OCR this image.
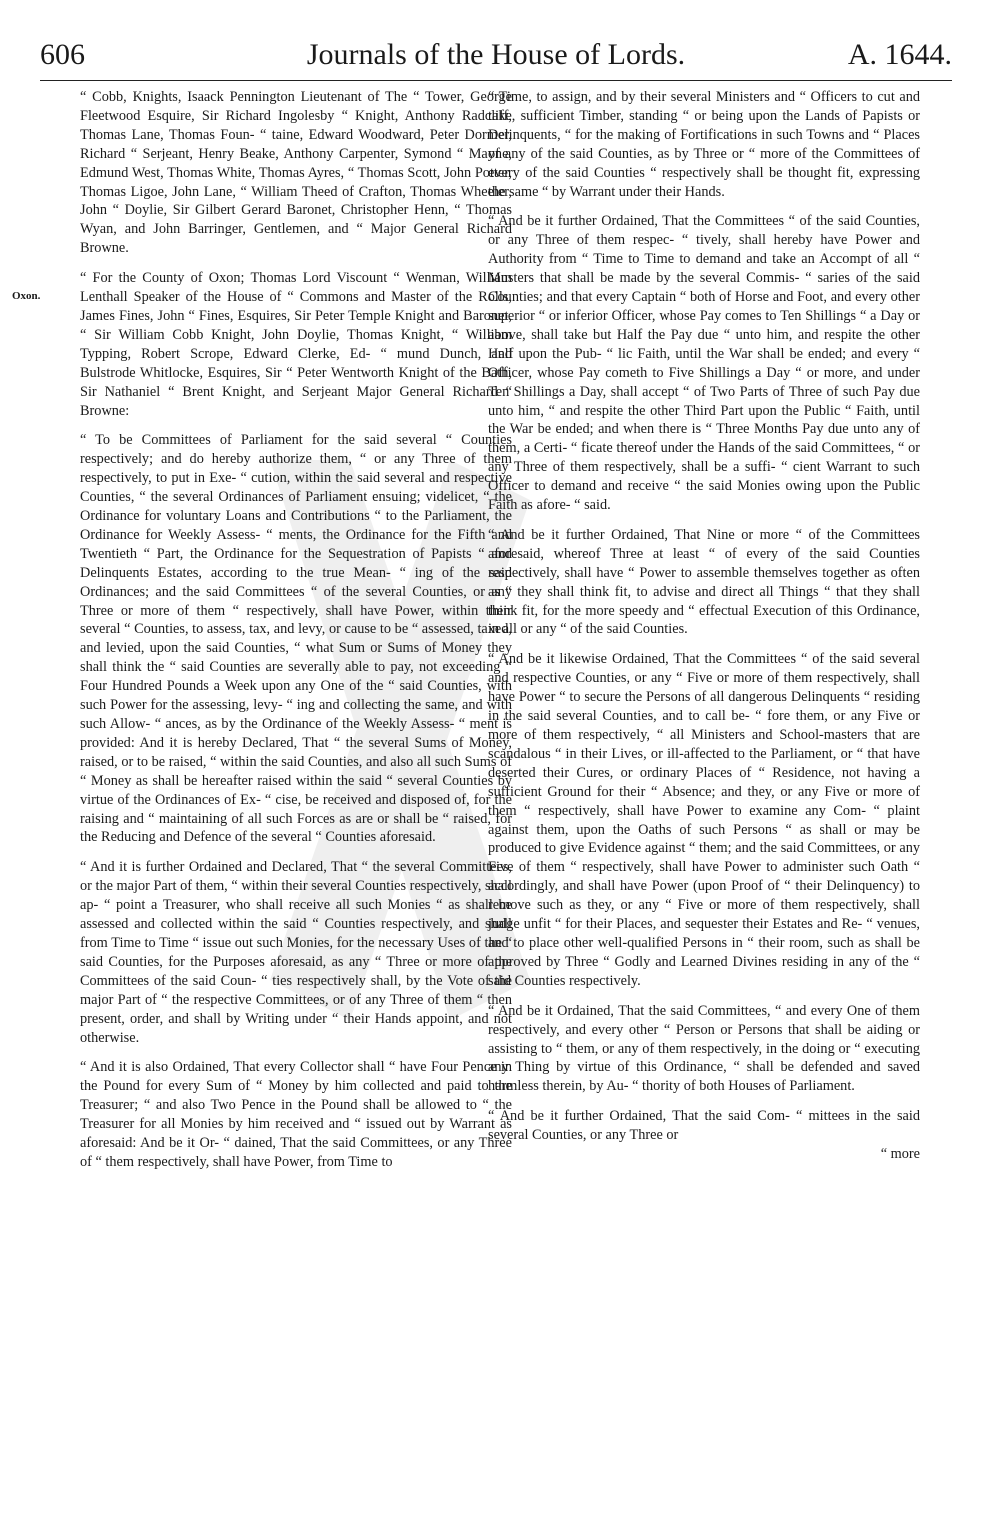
606	Journals of the House of Lords.	A. 1644.
Oxon.

“ Cobb, Knights, Isaack Pennington Lieutenant of The “ Tower, George Fleetwood Esquire, Sir Richard Ingolesby “ Knight, Anthony Radcliff, Thomas Lane, Thomas Foun- “ taine, Edward Woodward, Peter Dormer, Richard “ Serjeant, Henry Beake, Anthony Carpenter, Symond “ Mayne, Edmund West, Thomas White, Thomas Ayres, “ Thomas Scott, John Potter, Thomas Ligoe, John Lane, “ William Theed of Crafton, Thomas Wheeler, John “ Doylie, Sir Gilbert Gerard Baronet, Christopher Henn, “ Thomas Wyan, and John Barringer, Gentlemen, and “ Major General Richard Browne.

“ For the County of Oxon; Thomas Lord Viscount “ Wenman, William Lenthall Speaker of the House of “ Commons and Master of the Rolls, James Fines, John “ Fines, Esquires, Sir Peter Temple Knight and Baronet, “ Sir William Cobb Knight, John Doylie, Thomas Knight, “ William Typping, Robert Scrope, Edward Clerke, Ed- “ mund Dunch, and Bulstrode Whitlocke, Esquires, Sir “ Peter Wentworth Knight of the Bath, Sir Nathaniel “ Brent Knight, and Serjeant Major General Richard “ Browne:

“ To be Committees of Parliament for the said several “ Counties respectively; and do hereby authorize them, “ or any Three of them respectively, to put in Exe- “ cution, within the said several and respective Counties, “ the several Ordinances of Parliament ensuing; videlicet, “ the Ordinance for voluntary Loans and Contributions “ to the Parliament, the Ordinance for Weekly Assess- “ ments, the Ordinance for the Fifth and Twentieth “ Part, the Ordinance for the Sequestration of Papists “ and Delinquents Estates, according to the true Mean- “ ing of the said Ordinances; and the said Committees “ of the several Counties, or any Three or more of them “ respectively, shall have Power, within their several “ Counties, to assess, tax, and levy, or cause to be “ assessed, taxed, and levied, upon the said Counties, “ what Sum or Sums of Money they shall think the “ said Counties are severally able to pay, not exceeding “ Four Hundred Pounds a Week upon any One of the “ said Counties, with such Power for the assessing, levy- “ ing and collecting the same, and with such Allow- “ ances, as by the Ordinance of the Weekly Assess- “ ment is provided: And it is hereby Declared, That “ the several Sums of Money, raised, or to be raised, “ within the said Counties, and also all such Sums of “ Money as shall be hereafter raised within the said “ several Counties by virtue of the Ordinances of Ex- “ cise, be received and disposed of, for the raising and “ maintaining of all such Forces as are or shall be “ raised, for the Reducing and Defence of the several “ Counties aforesaid.

“ And it is further Ordained and Declared, That “ the several Committees, or the major Part of them, “ within their several Counties respectively, shall ap- “ point a Treasurer, who shall receive all such Monies “ as shall be assessed and collected within the said “ Counties respectively, and shall from Time to Time “ issue out such Monies, for the necessary Uses of the “ said Counties, for the Purposes aforesaid, as any “ Three or more of the Committees of the said Coun- “ ties respectively shall, by the Vote of the major Part of “ the respective Committees, or of any Three of them “ then present, order, and shall by Writing under “ their Hands appoint, and not otherwise.

“ And it is also Ordained, That every Collector shall “ have Four Pence in the Pound for every Sum of “ Money by him collected and paid to the Treasurer; “ and also Two Pence in the Pound shall be allowed to “ the Treasurer for all Monies by him received and “ issued out by Warrant as aforesaid: And be it Or- “ dained, That the said Committees, or any Three of “ them respectively, shall have Power, from Time to

“ Time, to assign, and by their several Ministers and “ Officers to cut and take, sufficient Timber, standing “ or being upon the Lands of Papists or Delinquents, “ for the making of Fortifications in such Towns and “ Places of any of the said Counties, as by Three or “ more of the Committees of every of the said Counties “ respectively shall be thought fit, expressing the same “ by Warrant under their Hands.

“ And be it further Ordained, That the Committees “ of the said Counties, or any Three of them respec- “ tively, shall hereby have Power and Authority from “ Time to Time to demand and take an Accompt of all “ Musters that shall be made by the several Commis- “ saries of the said Counties; and that every Captain “ both of Horse and Foot, and every other superior “ or inferior Officer, whose Pay comes to Ten Shillings “ a Day or above, shall take but Half the Pay due “ unto him, and respite the other Half upon the Pub- “ lic Faith, until the War shall be ended; and every “ Officer, whose Pay cometh to Five Shillings a Day “ or more, and under Ten Shillings a Day, shall accept “ of Two Parts of Three of such Pay due unto him, “ and respite the other Third Part upon the Public “ Faith, until the War be ended; and when there is “ Three Months Pay due unto any of them, a Certi- “ ficate thereof under the Hands of the said Committees, “ or any Three of them respectively, shall be a suffi- “ cient Warrant to such Officer to demand and receive “ the said Monies owing upon the Public Faith as afore- “ said.

“ And be it further Ordained, That Nine or more “ of the Committees aforesaid, whereof Three at least “ of every of the said Counties respectively, shall have “ Power to assemble themselves together as often as “ they shall think fit, to advise and direct all Things “ that they shall think fit, for the more speedy and “ effectual Execution of this Ordinance, in all or any “ of the said Counties.

“ And be it likewise Ordained, That the Committees “ of the said several and respective Counties, or any “ Five or more of them respectively, shall have Power “ to secure the Persons of all dangerous Delinquents “ residing in the said several Counties, and to call be- “ fore them, or any Five or more of them respectively, “ all Ministers and School-masters that are scandalous “ in their Lives, or ill-affected to the Parliament, or “ that have deserted their Cures, or ordinary Places of “ Residence, not having a sufficient Ground for their “ Absence; and they, or any Five or more of them “ respectively, shall have Power to examine any Com- “ plaint against them, upon the Oaths of such Persons “ as shall or may be produced to give Evidence against “ them; and the said Committees, or any Five of them “ respectively, shall have Power to administer such Oath “ accordingly, and shall have Power (upon Proof of “ their Delinquency) to remove such as they, or any “ Five or more of them respectively, shall judge unfit “ for their Places, and sequester their Estates and Re- “ venues, and to place other well-qualified Persons in “ their room, such as shall be approved by Three “ Godly and Learned Divines residing in any of the “ said Counties respectively.

“ And be it Ordained, That the said Committees, “ and every One of them respectively, and every other “ Person or Persons that shall be aiding or assisting to “ them, or any of them respectively, in the doing or “ executing any Thing by virtue of this Ordinance, “ shall be defended and saved harmless therein, by Au- “ thority of both Houses of Parliament.

“ And be it further Ordained, That the said Com- “ mittees in the said several Counties, or any Three or

“ more
